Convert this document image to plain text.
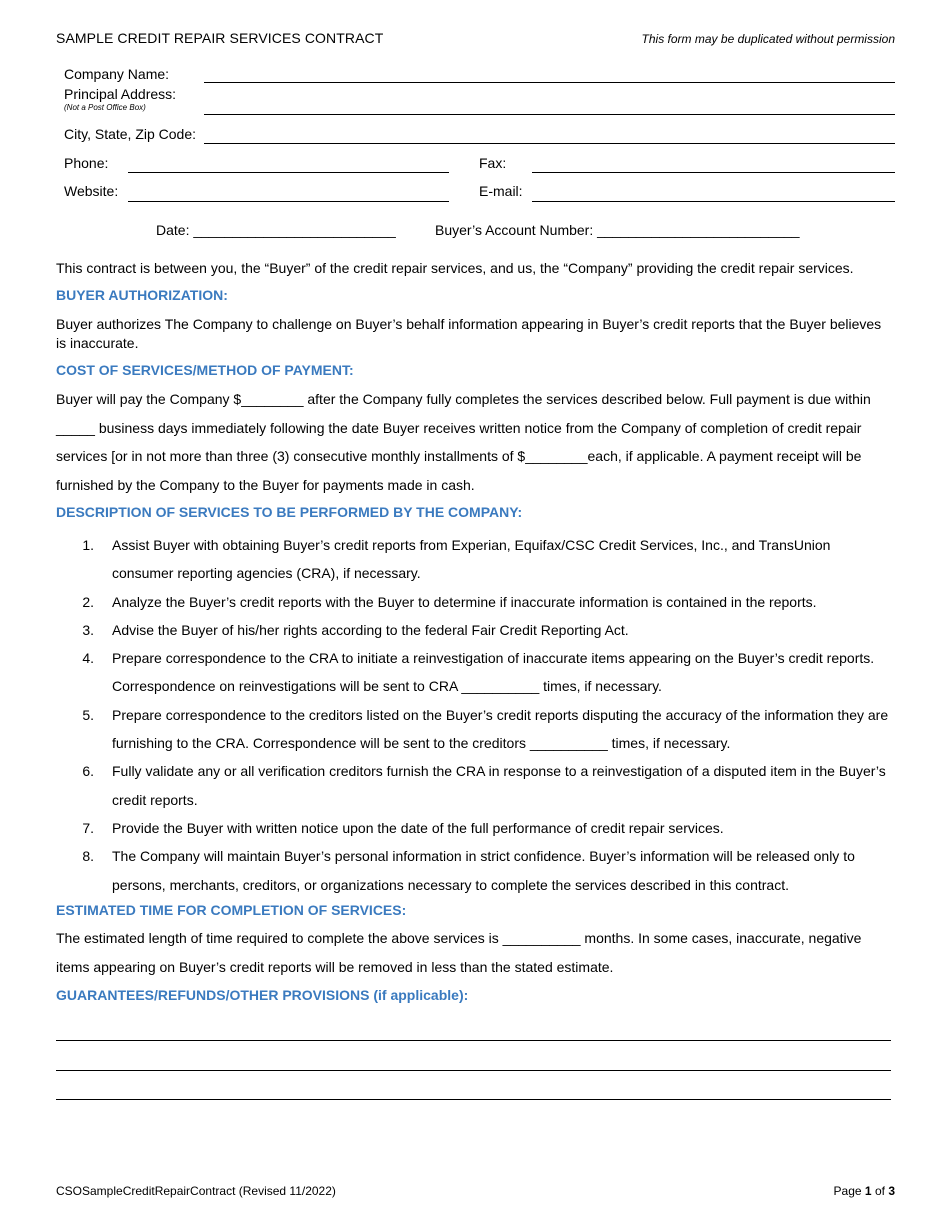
SAMPLE CREDIT REPAIR SERVICES CONTRACT	This form may be duplicated without permission
Company Name:
Principal Address:
(Not a Post Office Box)
City, State, Zip Code:
Phone:	Fax:
Website:	E-mail:
Date: __________________________	Buyer’s Account Number: __________________________
This contract is between you, the “Buyer” of the credit repair services, and us, the “Company” providing the credit repair services.
BUYER AUTHORIZATION:
Buyer authorizes The Company to challenge on Buyer’s behalf information appearing in Buyer’s credit reports that the Buyer believes is inaccurate.
COST OF SERVICES/METHOD OF PAYMENT:
Buyer will pay the Company $________ after the Company fully completes the services described below. Full payment is due within _____ business days immediately following the date Buyer receives written notice from the Company of completion of credit repair services [or in not more than three (3) consecutive monthly installments of $________each, if applicable. A payment receipt will be furnished by the Company to the Buyer for payments made in cash.
DESCRIPTION OF SERVICES TO BE PERFORMED BY THE COMPANY:
1.	Assist Buyer with obtaining Buyer’s credit reports from Experian, Equifax/CSC Credit Services, Inc., and TransUnion consumer reporting agencies (CRA), if necessary.
2.	Analyze the Buyer’s credit reports with the Buyer to determine if inaccurate information is contained in the reports.
3.	Advise the Buyer of his/her rights according to the federal Fair Credit Reporting Act.
4.	Prepare correspondence to the CRA to initiate a reinvestigation of inaccurate items appearing on the Buyer’s credit reports. Correspondence on reinvestigations will be sent to CRA __________ times, if necessary.
5.	Prepare correspondence to the creditors listed on the Buyer’s credit reports disputing the accuracy of the information they are furnishing to the CRA. Correspondence will be sent to the creditors __________ times, if necessary.
6.	Fully validate any or all verification creditors furnish the CRA in response to a reinvestigation of a disputed item in the Buyer’s credit reports.
7.	Provide the Buyer with written notice upon the date of the full performance of credit repair services.
8.	The Company will maintain Buyer’s personal information in strict confidence. Buyer’s information will be released only to persons, merchants, creditors, or organizations necessary to complete the services described in this contract.
ESTIMATED TIME FOR COMPLETION OF SERVICES:
The estimated length of time required to complete the above services is __________ months. In some cases, inaccurate, negative items appearing on Buyer’s credit reports will be removed in less than the stated estimate.
GUARANTEES/REFUNDS/OTHER PROVISIONS (if applicable):
CSOSampleCreditRepairContract (Revised 11/2022)	Page 1 of 3
